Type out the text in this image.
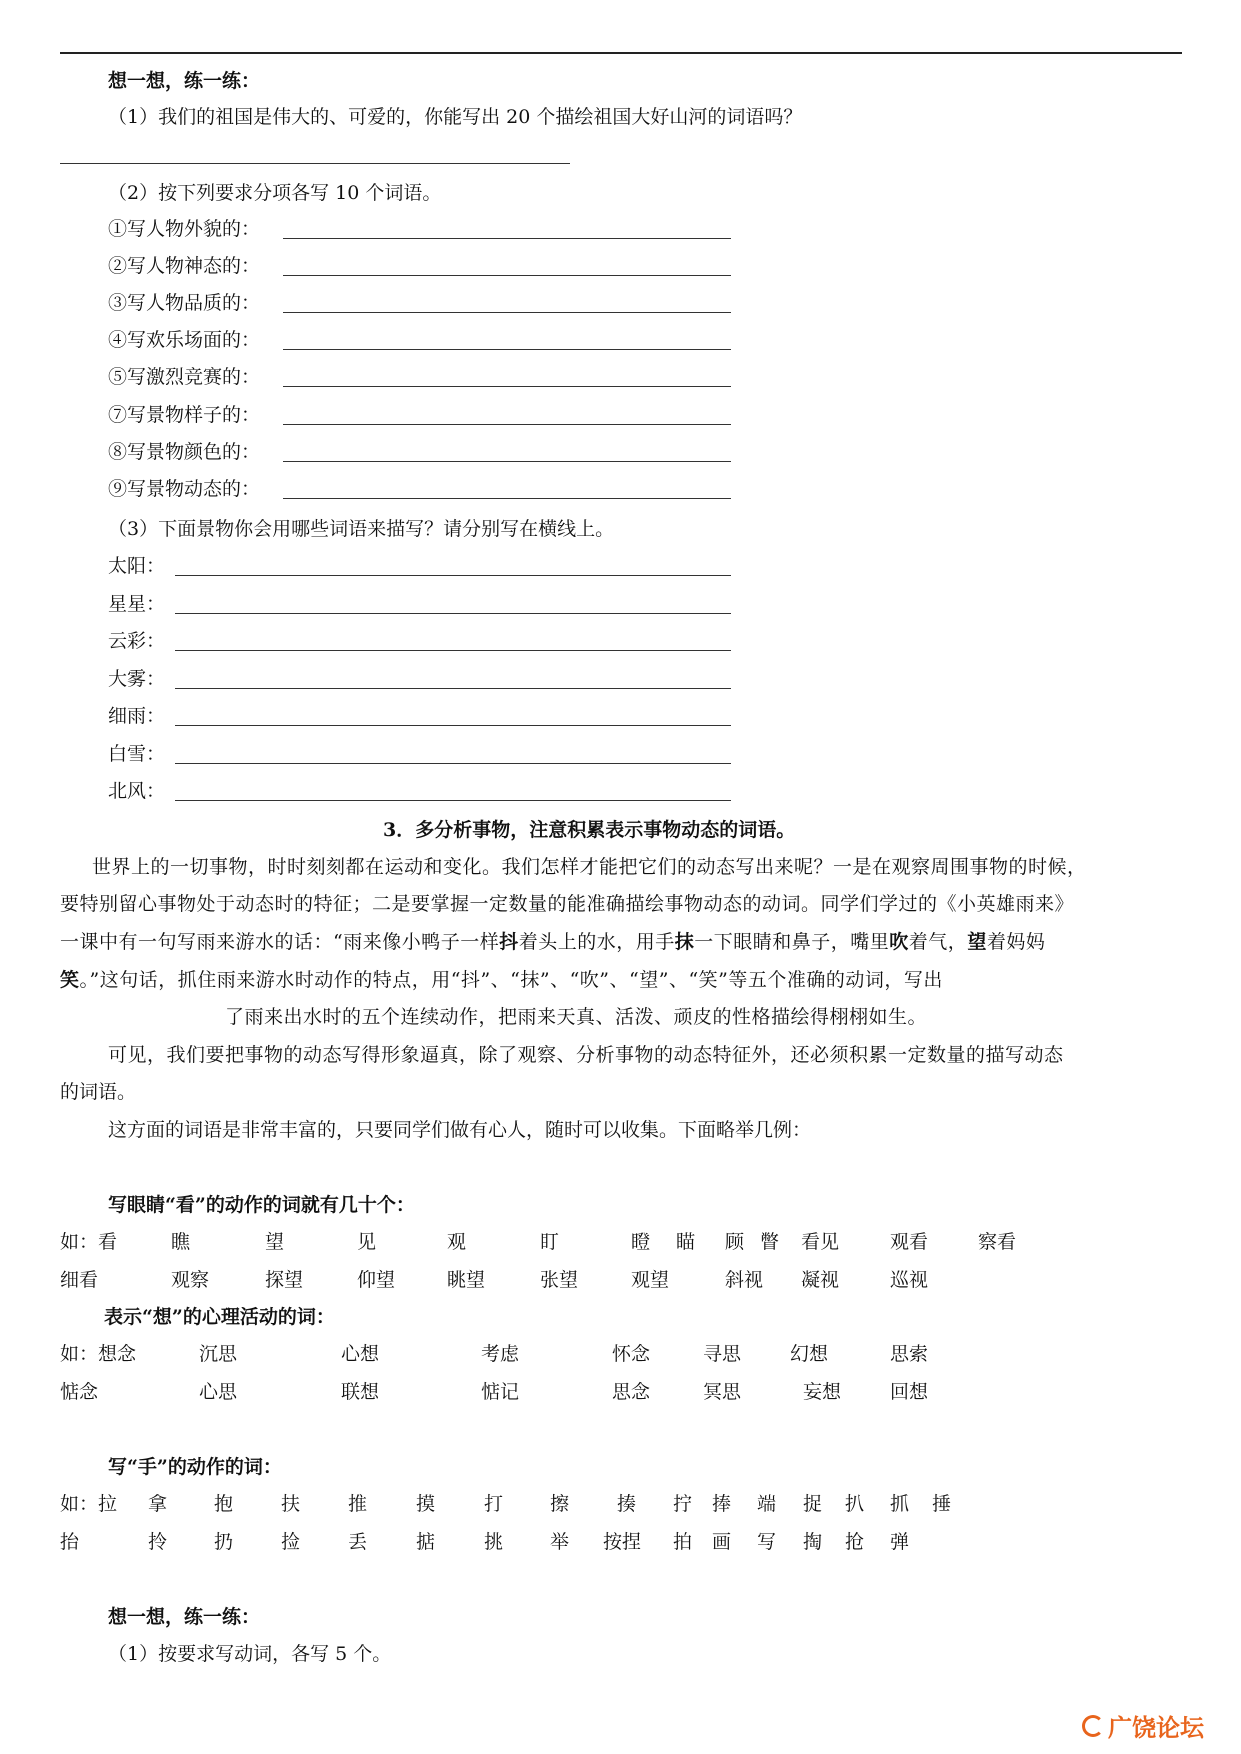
想一想，练一练：
（1）我们的祖国是伟大的、可爱的，你能写出 20 个描绘祖国大好山河的词语吗？
（2）按下列要求分项各写 10 个词语。
①写人物外貌的：
②写人物神态的：
③写人物品质的：
④写欢乐场面的：
⑤写激烈竞赛的：
⑦写景物样子的：
⑧写景物颜色的：
⑨写景物动态的：
（3）下面景物你会用哪些词语来描写？请分别写在横线上。
太阳：
星星：
云彩：
大雾：
细雨：
白雪：
北风：
3．多分析事物，注意积累表示事物动态的词语。
世界上的一切事物，时时刻刻都在运动和变化。我们怎样才能把它们的动态写出来呢？一是在观察周围事物的时候，
要特别留心事物处于动态时的特征；二是要掌握一定数量的能准确描绘事物动态的动词。同学们学过的《小英雄雨来》
一课中有一句写雨来游水的话：“雨来像小鸭子一样抖着头上的水，用手抹一下眼睛和鼻子，嘴里吹着气，望着妈妈
笑。”这句话，抓住雨来游水时动作的特点，用“抖”、“抹”、“吹”、“望”、“笑”等五个准确的动词，写出
了雨来出水时的五个连续动作，把雨来天真、活泼、顽皮的性格描绘得栩栩如生。
可见，我们要把事物的动态写得形象逼真，除了观察、分析事物的动态特征外，还必须积累一定数量的描写动态
的词语。
这方面的词语是非常丰富的，只要同学们做有心人，随时可以收集。下面略举几例：
写眼睛“看”的动作的词就有几十个：
如：看	瞧	望	见	观	盯	瞪 瞄 顾 瞥 看见	观看	察看
细看	观察	探望	仰望	眺望	张望	观望	斜视 凝视	巡视
表示“想”的心理活动的词：
如：想念	沉思	心想	考虑	怀念	寻思	幻想	思索
惦念	心思	联想	惦记	思念	冥思	妄想	回想
写“手”的动作的词：
如：拉 拿 抱	扶	推	摸	打 擦	揍 拧 捧 端 捉 扒 抓 捶
抬	拎 扔	捡	丢	掂	挑 举 按捏 拍 画 写 掏 抢 弹
想一想，练一练：
（1）按要求写动词，各写 5 个。
广饶论坛
